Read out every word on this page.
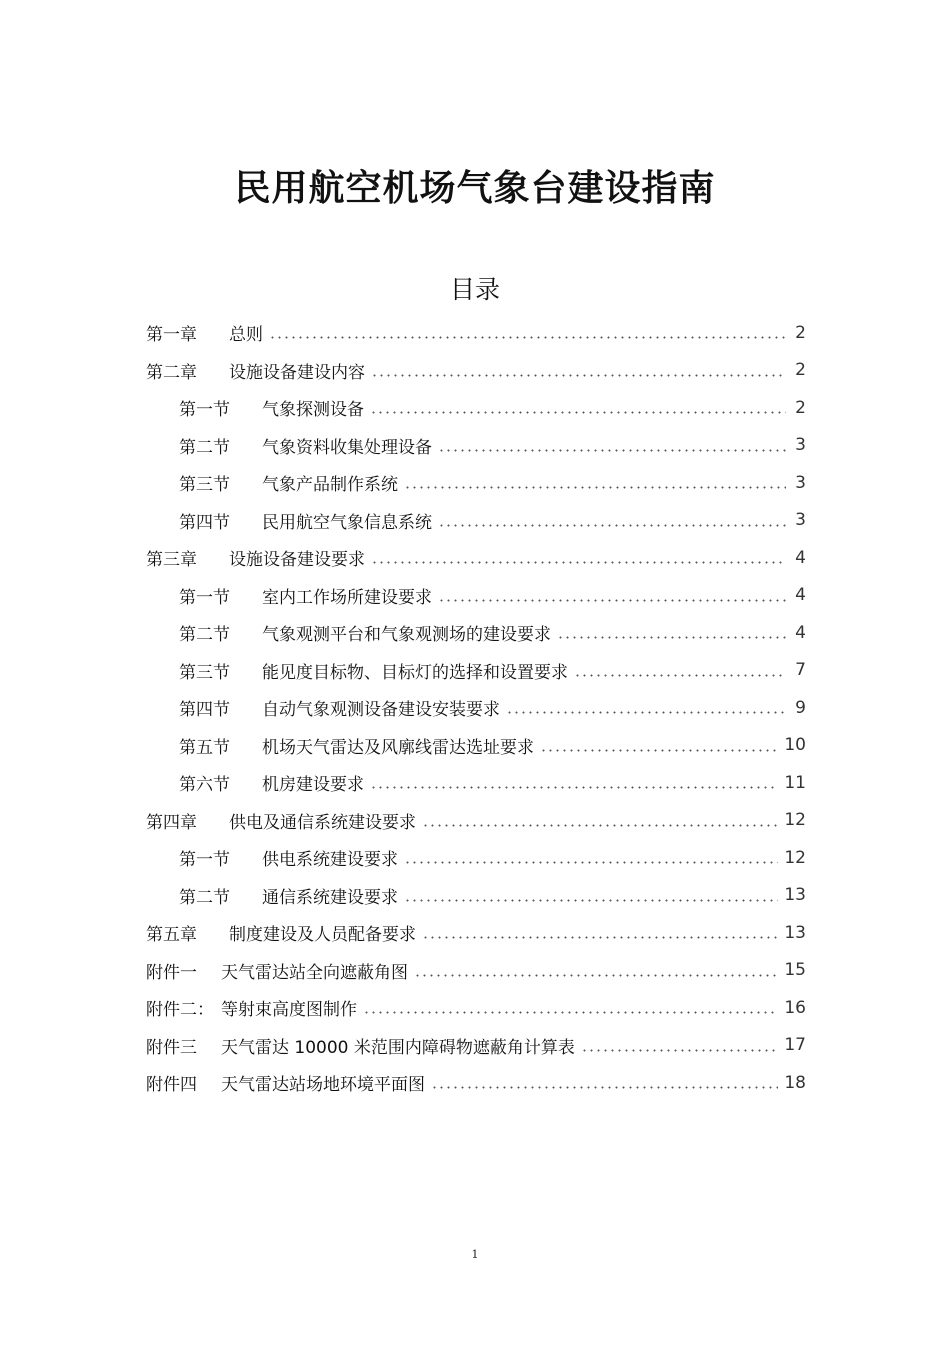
民用航空机场气象台建设指南
目录
第一章 总则	2
第二章 设施设备建设内容	2
第一节 气象探测设备	2
第二节 气象资料收集处理设备	3
第三节 气象产品制作系统	3
第四节 民用航空气象信息系统	3
第三章 设施设备建设要求	4
第一节 室内工作场所建设要求	4
第二节 气象观测平台和气象观测场的建设要求	4
第三节 能见度目标物、目标灯的选择和设置要求	7
第四节 自动气象观测设备建设安装要求	9
第五节 机场天气雷达及风廓线雷达选址要求	10
第六节 机房建设要求	11
第四章 供电及通信系统建设要求	12
第一节 供电系统建设要求	12
第二节 通信系统建设要求	13
第五章 制度建设及人员配备要求	13
附件一 天气雷达站全向遮蔽角图	15
附件二： 等射束高度图制作	16
附件三 天气雷达 10000 米范围内障碍物遮蔽角计算表	17
附件四 天气雷达站场地环境平面图	18
1
